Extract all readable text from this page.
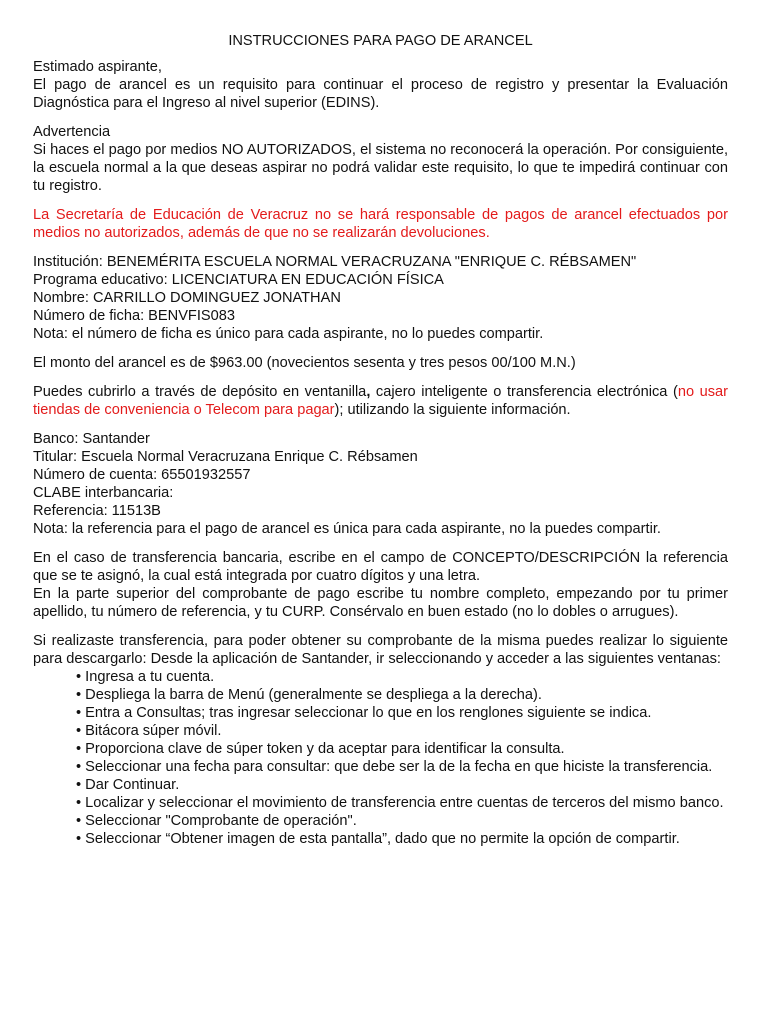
INSTRUCCIONES PARA PAGO DE ARANCEL

Estimado aspirante,

El pago de arancel es un requisito para continuar el proceso de registro y presentar la Evaluación Diagnóstica para el Ingreso al nivel superior (EDINS).

Advertencia

Si haces el pago por medios NO AUTORIZADOS, el sistema no reconocerá la operación. Por consiguiente, la escuela normal a la que deseas aspirar no podrá validar este requisito, lo que te impedirá continuar con tu registro.

La Secretaría de Educación de Veracruz no se hará responsable de pagos de arancel efectuados por medios no autorizados, además de que no se realizarán devoluciones.

Institución: BENEMÉRITA ESCUELA NORMAL VERACRUZANA "ENRIQUE C. RÉBSAMEN"

Programa educativo: LICENCIATURA EN EDUCACIÓN FÍSICA

Nombre: CARRILLO DOMINGUEZ JONATHAN

Número de ficha: BENVFIS083

Nota: el número de ficha es único para cada aspirante, no lo puedes compartir.

El monto del arancel es de $963.00 (novecientos sesenta y tres pesos 00/100 M.N.)

Puedes cubrirlo a través de depósito en ventanilla, cajero inteligente o transferencia electrónica (no usar tiendas de conveniencia o Telecom para pagar); utilizando la siguiente información.

Banco: Santander

Titular: Escuela Normal Veracruzana Enrique C. Rébsamen

Número de cuenta: 65501932557

CLABE interbancaria:

Referencia: 11513B

Nota: la referencia para el pago de arancel es única para cada aspirante, no la puedes compartir.

En el caso de transferencia bancaria, escribe en el campo de CONCEPTO/DESCRIPCIÓN la referencia que se te asignó, la cual está integrada por cuatro dígitos y una letra.

En la parte superior del comprobante de pago escribe tu nombre completo, empezando por tu primer apellido, tu número de referencia, y tu CURP. Consérvalo en buen estado (no lo dobles o arrugues).

Si realizaste transferencia, para poder obtener su comprobante de la misma puedes realizar lo siguiente para descargarlo: Desde la aplicación de Santander, ir seleccionando y acceder a las siguientes ventanas:

• Ingresa a tu cuenta.
• Despliega la barra de Menú (generalmente se despliega a la derecha).
• Entra a Consultas; tras ingresar seleccionar lo que en los renglones siguiente se indica.
• Bitácora súper móvil.
• Proporciona clave de súper token y da aceptar para identificar la consulta.
• Seleccionar una fecha para consultar: que debe ser la de la fecha en que hiciste la transferencia.
• Dar Continuar.
• Localizar y seleccionar el movimiento de transferencia entre cuentas de terceros del mismo banco.
• Seleccionar "Comprobante de operación".
• Seleccionar “Obtener imagen de esta pantalla”, dado que no permite la opción de compartir.
